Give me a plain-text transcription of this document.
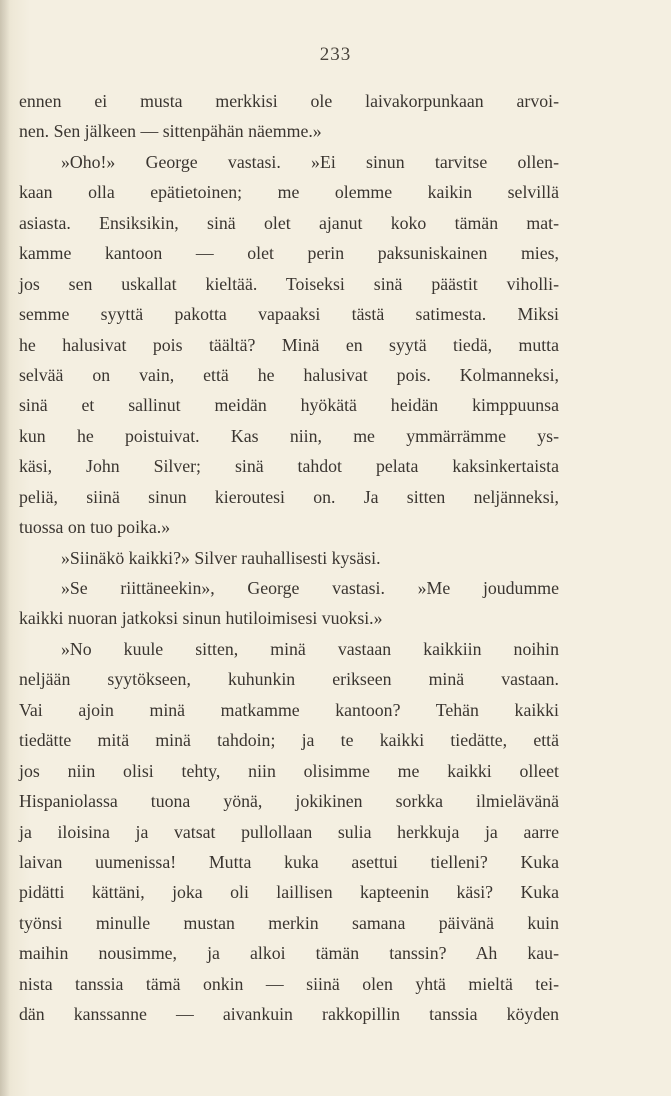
233
ennen ei musta merkkisi ole laivakorpunkaan arvoi-
nen. Sen jälkeen — sittenpähän näemme.»
»Oho!» George vastasi. »Ei sinun tarvitse ollen-
kaan olla epätietoinen; me olemme kaikin selvillä
asiasta. Ensiksikin, sinä olet ajanut koko tämän mat-
kamme kantoon — olet perin paksuniskainen mies,
jos sen uskallat kieltää. Toiseksi sinä päästit viholli-
semme syyttä pakotta vapaaksi tästä satimesta. Miksi
he halusivat pois täältä? Minä en syytä tiedä, mutta
selvää on vain, että he halusivat pois. Kolmanneksi,
sinä et sallinut meidän hyökätä heidän kimppuunsa
kun he poistuivat. Kas niin, me ymmärrämme ys-
käsi, John Silver; sinä tahdot pelata kaksinkertaista
peliä, siinä sinun kieroutesi on. Ja sitten neljänneksi,
tuossa on tuo poika.»
»Siinäkö kaikki?» Silver rauhallisesti kysäsi.
»Se riittäneekin», George vastasi. »Me joudumme
kaikki nuoran jatkoksi sinun hutiloimisesi vuoksi.»
»No kuule sitten, minä vastaan kaikkiin noihin
neljään syytökseen, kuhunkin erikseen minä vastaan.
Vai ajoin minä matkamme kantoon? Tehän kaikki
tiedätte mitä minä tahdoin; ja te kaikki tiedätte, että
jos niin olisi tehty, niin olisimme me kaikki olleet
Hispaniolassa tuona yönä, jokikinen sorkka ilmielävänä
ja iloisina ja vatsat pullollaan sulia herkkuja ja aarre
laivan uumenissa! Mutta kuka asettui tielleni? Kuka
pidätti kättäni, joka oli laillisen kapteenin käsi? Kuka
työnsi minulle mustan merkin samana päivänä kuin
maihin nousimme, ja alkoi tämän tanssin? Ah kau-
nista tanssia tämä onkin — siinä olen yhtä mieltä tei-
dän kanssanne — aivankuin rakkopillin tanssia köyden
